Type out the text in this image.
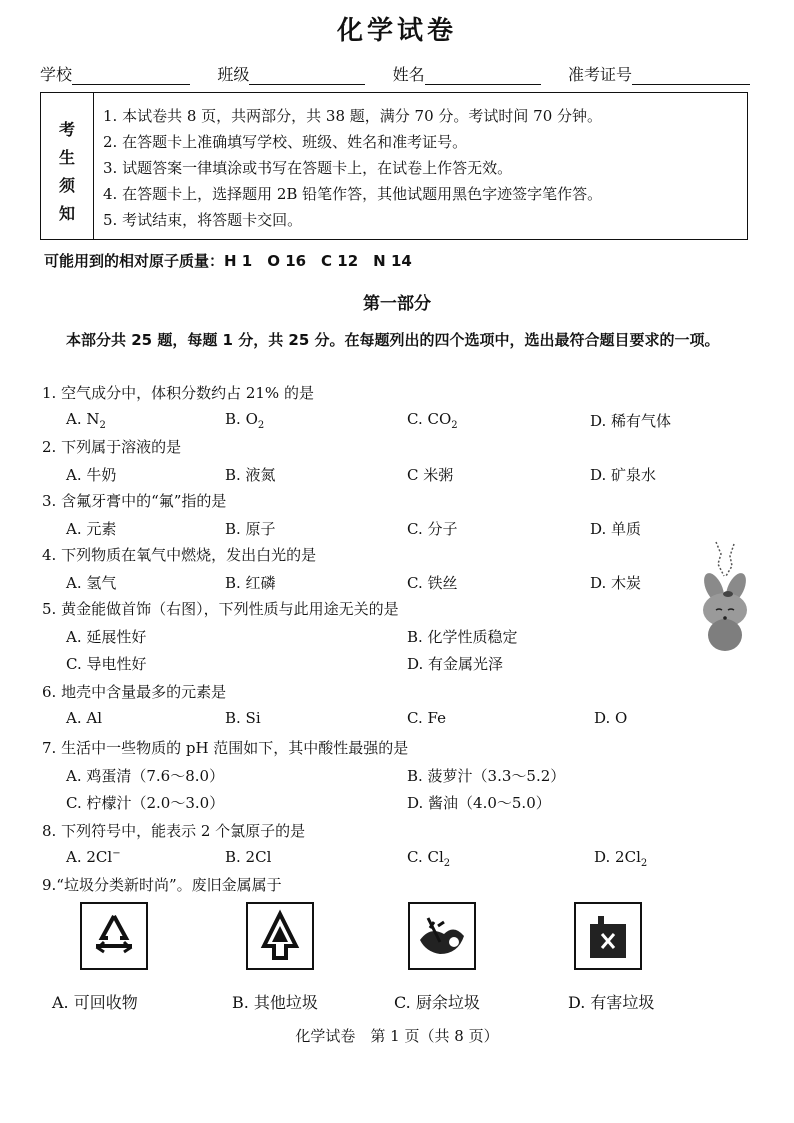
化学试卷
学校	班级	姓名	准考证号
考
生
须
知
1. 本试卷共 8 页，共两部分，共 38 题，满分 70 分。考试时间 70 分钟。
2. 在答题卡上准确填写学校、班级、姓名和准考证号。
3. 试题答案一律填涂或书写在答题卡上，在试卷上作答无效。
4. 在答题卡上，选择题用 2B 铅笔作答，其他试题用黑色字迹签字笔作答。
5. 考试结束，将答题卡交回。
可能用到的相对原子质量：H 1　O 16　C 12　N 14
第一部分
本部分共 25 题，每题 1 分，共 25 分。在每题列出的四个选项中，选出最符合题目要求的一项。
1. 空气成分中，体积分数约占 21% 的是
A. $N_2$	B. $O_2$	C. $CO_2$	D. 稀有气体
2. 下列属于溶液的是
A. 牛奶	B. 液氮	C 米粥	D. 矿泉水
3. 含氟牙膏中的“氟”指的是
A. 元素	B. 原子	C. 分子	D. 单质
4. 下列物质在氧气中燃烧，发出白光的是
A. 氢气	B. 红磷	C. 铁丝	D. 木炭
5. 黄金能做首饰（右图），下列性质与此用途无关的是
A. 延展性好	B. 化学性质稳定
C. 导电性好	D. 有金属光泽
6. 地壳中含量最多的元素是
A. Al	B. Si	C. Fe	D. O
7. 生活中一些物质的 pH 范围如下，其中酸性最强的是
A. 鸡蛋清（7.6～8.0）	B. 菠萝汁（3.3～5.2）
C. 柠檬汁（2.0～3.0）	D. 酱油（4.0～5.0）
8. 下列符号中，能表示 2 个氯原子的是
A. 2Cl−	B. 2Cl	C. $Cl_2$	D. $2Cl_2$
9.“垃圾分类新时尚”。废旧金属属于
A. 可回收物	B. 其他垃圾	C. 厨余垃圾	D. 有害垃圾
化学试卷　第 1 页（共 8 页）
